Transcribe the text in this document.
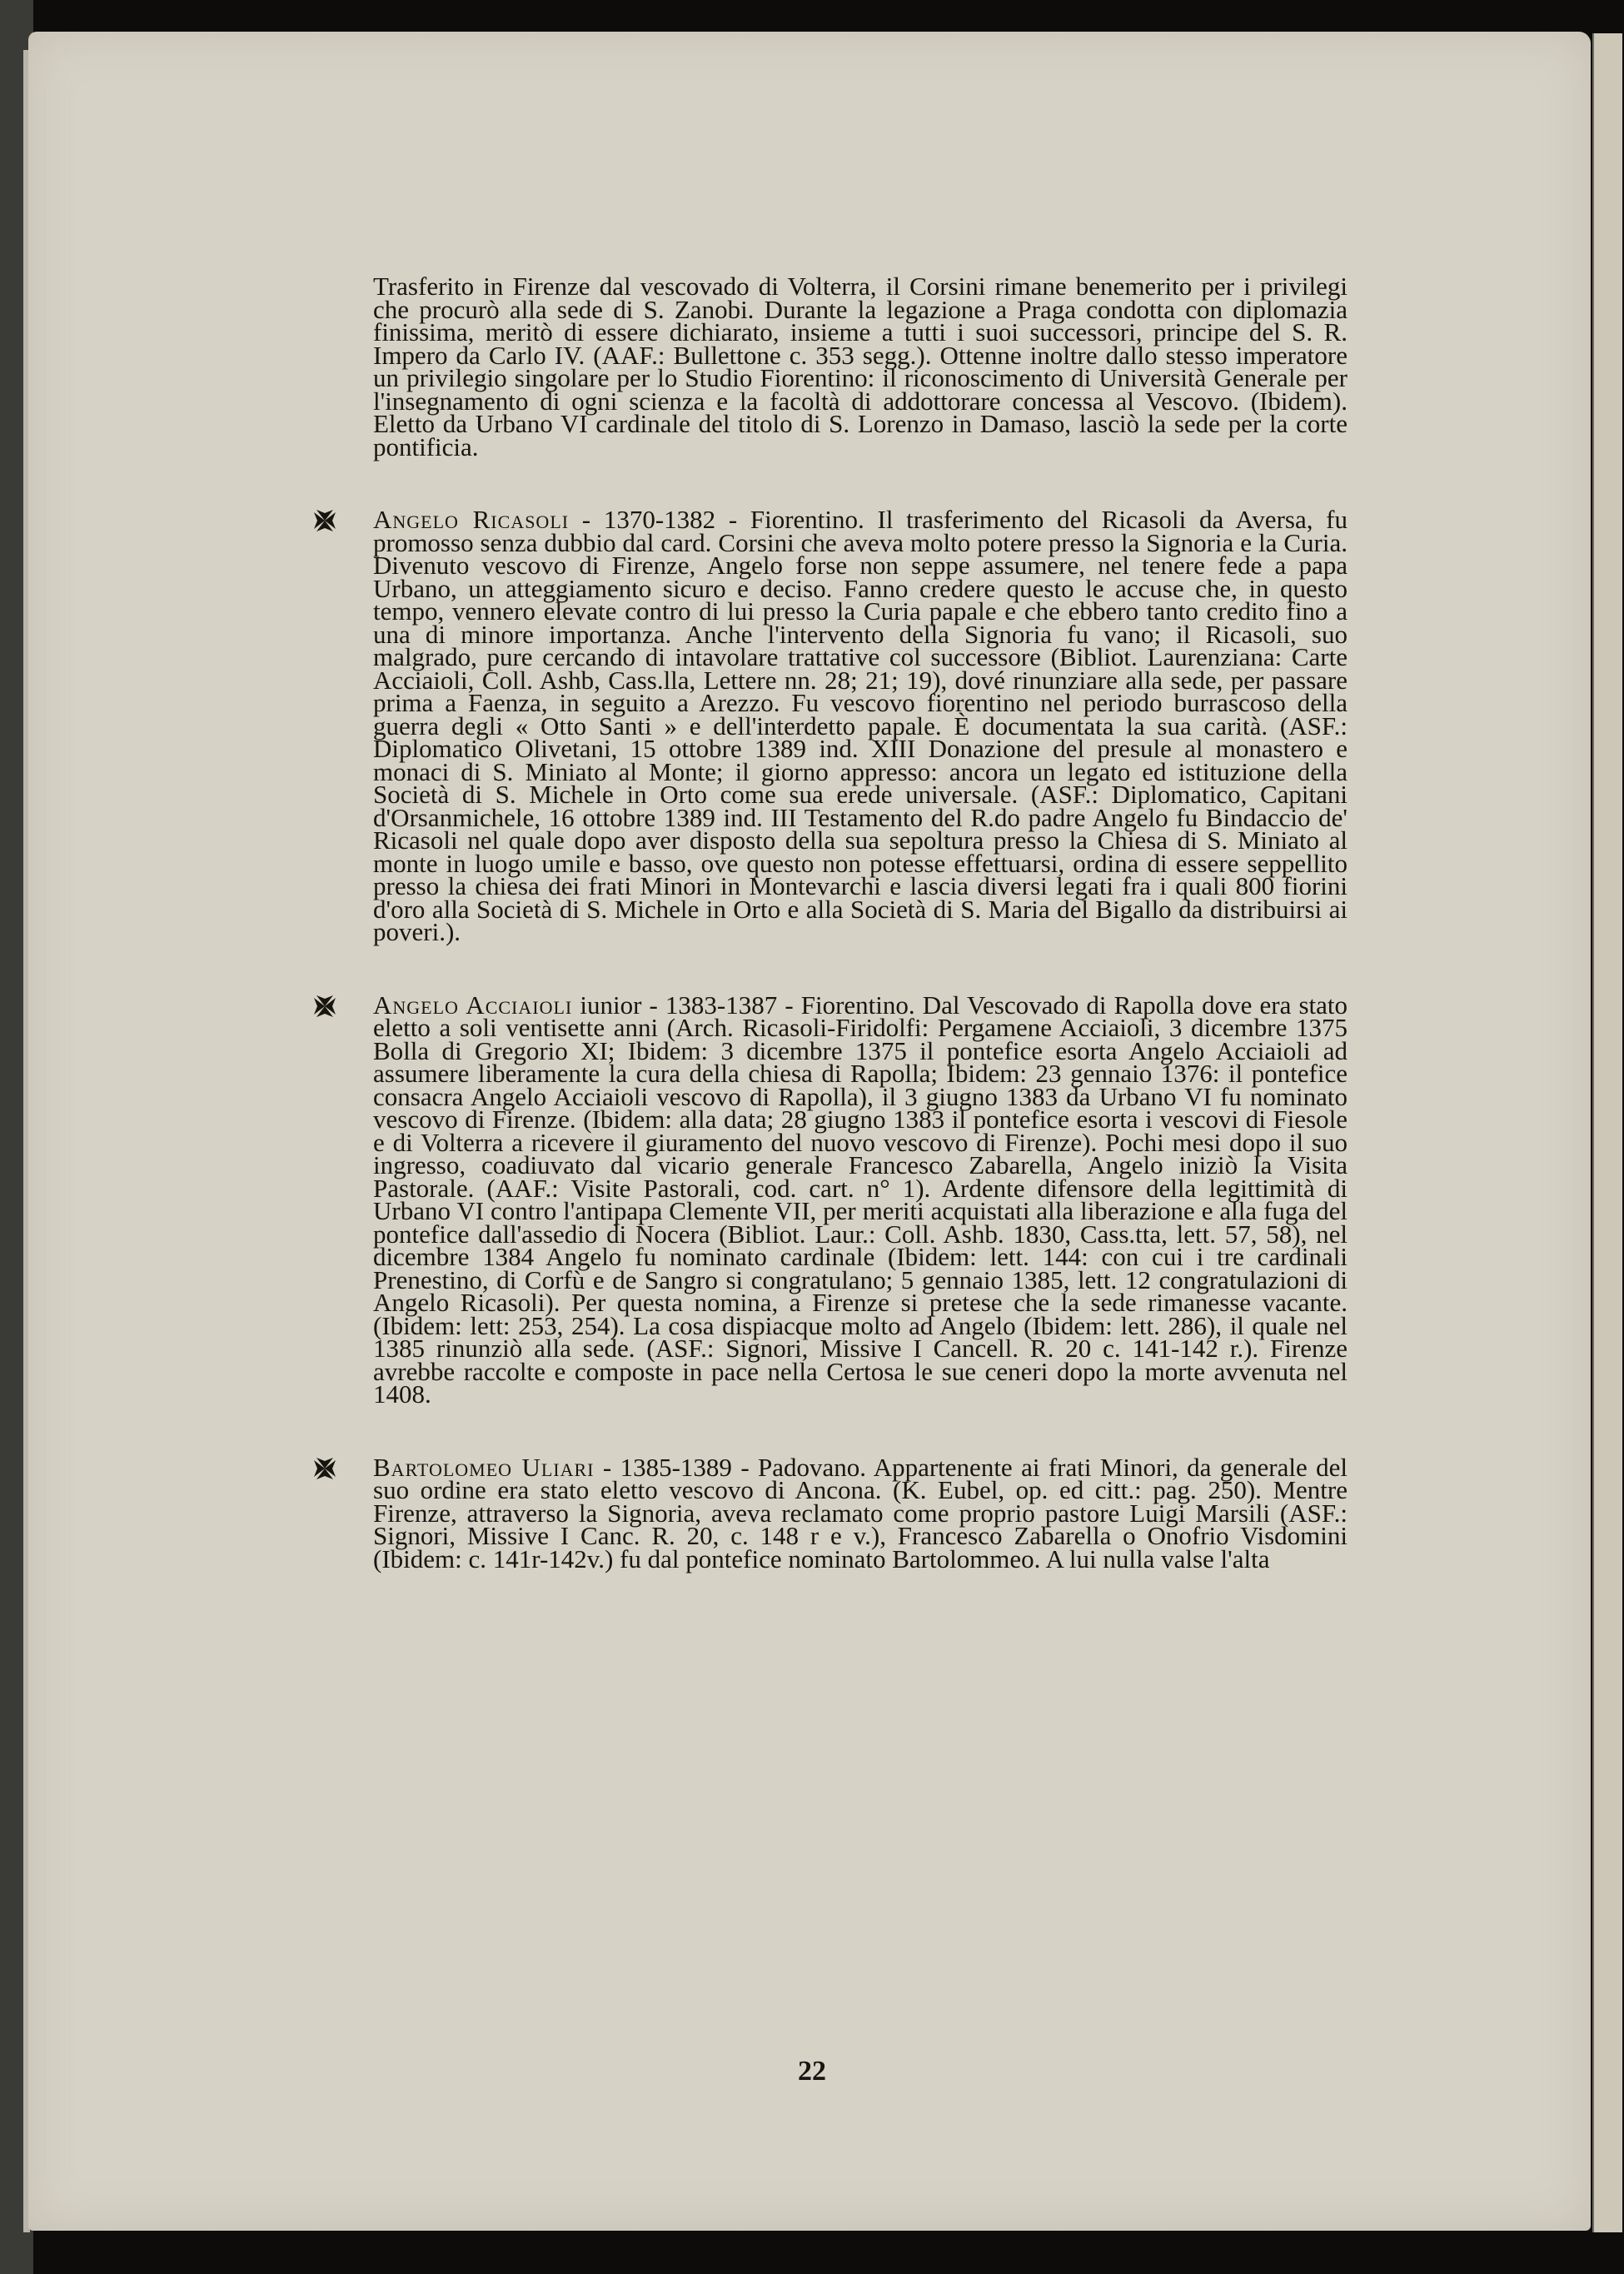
Trasferito in Firenze dal vescovado di Volterra, il Corsini rimane benemerito per i privilegi che procurò alla sede di S. Zanobi. Durante la legazione a Praga condotta con diplomazia finissima, meritò di essere dichiarato, insieme a tutti i suoi successori, principe del S. R. Impero da Carlo IV. (AAF.: Bullettone c. 353 segg.). Ottenne inoltre dallo stesso imperatore un privilegio singolare per lo Studio Fiorentino: il riconoscimento di Università Generale per l'insegnamento di ogni scienza e la facoltà di addottorare concessa al Vescovo. (Ibidem). Eletto da Urbano VI cardinale del titolo di S. Lorenzo in Damaso, lasciò la sede per la corte pontificia.

Angelo Ricasoli - 1370-1382 - Fiorentino. Il trasferimento del Ricasoli da Aversa, fu promosso senza dubbio dal card. Corsini che aveva molto potere presso la Signoria e la Curia. Divenuto vescovo di Firenze, Angelo forse non seppe assumere, nel tenere fede a papa Urbano, un atteggiamento sicuro e deciso. Fanno credere questo le accuse che, in questo tempo, vennero elevate contro di lui presso la Curia papale e che ebbero tanto credito fino a una di minore importanza. Anche l'intervento della Signoria fu vano; il Ricasoli, suo malgrado, pure cercando di intavolare trattative col successore (Bibliot. Laurenziana: Carte Acciaioli, Coll. Ashb, Cass.lla, Lettere nn. 28; 21; 19), dové rinunziare alla sede, per passare prima a Faenza, in seguito a Arezzo. Fu vescovo fiorentino nel periodo burrascoso della guerra degli « Otto Santi » e dell'interdetto papale. È documentata la sua carità. (ASF.: Diplomatico Olivetani, 15 ottobre 1389 ind. XIII Donazione del presule al monastero e monaci di S. Miniato al Monte; il giorno appresso: ancora un legato ed istituzione della Società di S. Michele in Orto come sua erede universale. (ASF.: Diplomatico, Capitani d'Orsanmichele, 16 ottobre 1389 ind. III Testamento del R.do padre Angelo fu Bindaccio de' Ricasoli nel quale dopo aver disposto della sua sepoltura presso la Chiesa di S. Miniato al monte in luogo umile e basso, ove questo non potesse effettuarsi, ordina di essere seppellito presso la chiesa dei frati Minori in Montevarchi e lascia diversi legati fra i quali 800 fiorini d'oro alla Società di S. Michele in Orto e alla Società di S. Maria del Bigallo da distribuirsi ai poveri.).

Angelo Acciaioli iunior - 1383-1387 - Fiorentino. Dal Vescovado di Rapolla dove era stato eletto a soli ventisette anni (Arch. Ricasoli-Firidolfi: Pergamene Acciaioli, 3 dicembre 1375 Bolla di Gregorio XI; Ibidem: 3 dicembre 1375 il pontefice esorta Angelo Acciaioli ad assumere liberamente la cura della chiesa di Rapolla; Ibidem: 23 gennaio 1376: il pontefice consacra Angelo Acciaioli vescovo di Rapolla), il 3 giugno 1383 da Urbano VI fu nominato vescovo di Firenze. (Ibidem: alla data; 28 giugno 1383 il pontefice esorta i vescovi di Fiesole e di Volterra a ricevere il giuramento del nuovo vescovo di Firenze). Pochi mesi dopo il suo ingresso, coadiuvato dal vicario generale Francesco Zabarella, Angelo iniziò la Visita Pastorale. (AAF.: Visite Pastorali, cod. cart. n° 1). Ardente difensore della legittimità di Urbano VI contro l'antipapa Clemente VII, per meriti acquistati alla liberazione e alla fuga del pontefice dall'assedio di Nocera (Bibliot. Laur.: Coll. Ashb. 1830, Cass.tta, lett. 57, 58), nel dicembre 1384 Angelo fu nominato cardinale (Ibidem: lett. 144: con cui i tre cardinali Prenestino, di Corfù e de Sangro si congratulano; 5 gennaio 1385, lett. 12 congratulazioni di Angelo Ricasoli). Per questa nomina, a Firenze si pretese che la sede rimanesse vacante. (Ibidem: lett: 253, 254). La cosa dispiacque molto ad Angelo (Ibidem: lett. 286), il quale nel 1385 rinunziò alla sede. (ASF.: Signori, Missive I Cancell. R. 20 c. 141-142 r.). Firenze avrebbe raccolte e composte in pace nella Certosa le sue ceneri dopo la morte avvenuta nel 1408.

Bartolomeo Uliari - 1385-1389 - Padovano. Appartenente ai frati Minori, da generale del suo ordine era stato eletto vescovo di Ancona. (K. Eubel, op. ed citt.: pag. 250). Mentre Firenze, attraverso la Signoria, aveva reclamato come proprio pastore Luigi Marsili (ASF.: Signori, Missive I Canc. R. 20, c. 148 r e v.), Francesco Zabarella o Onofrio Visdomini (Ibidem: c. 141r-142v.) fu dal pontefice nominato Bartolommeo. A lui nulla valse l'alta

22
